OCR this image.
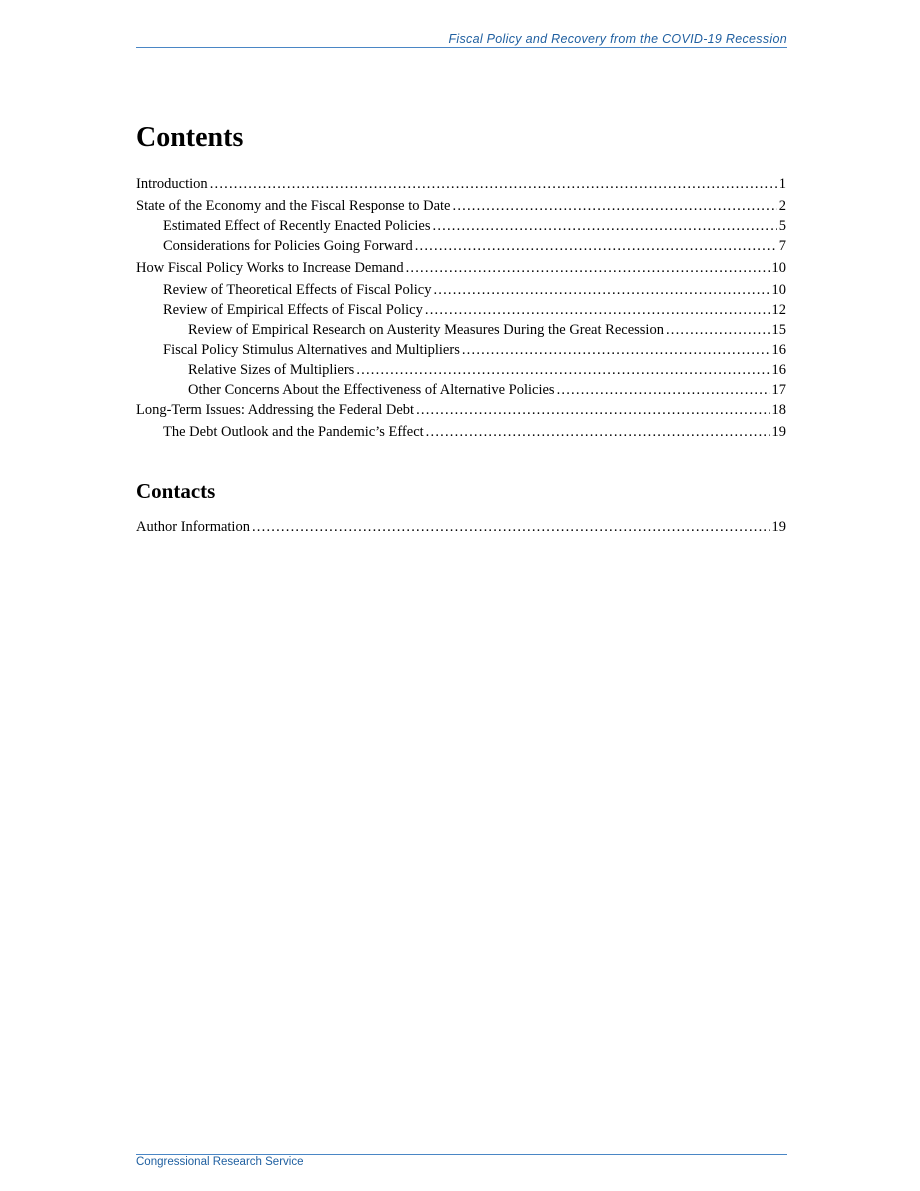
Fiscal Policy and Recovery from the COVID-19 Recession
Contents
Introduction .....	1
State of the Economy and the Fiscal Response to Date .....	2
Estimated Effect of Recently Enacted Policies .....	5
Considerations for Policies Going Forward .....	7
How Fiscal Policy Works to Increase Demand .....	10
Review of Theoretical Effects of Fiscal Policy .....	10
Review of Empirical Effects of Fiscal Policy .....	12
Review of Empirical Research on Austerity Measures During the Great Recession .....	15
Fiscal Policy Stimulus Alternatives and Multipliers .....	16
Relative Sizes of Multipliers .....	16
Other Concerns About the Effectiveness of Alternative Policies .....	17
Long-Term Issues: Addressing the Federal Debt .....	18
The Debt Outlook and the Pandemic’s Effect .....	19
Contacts
Author Information .....	19
Congressional Research Service
